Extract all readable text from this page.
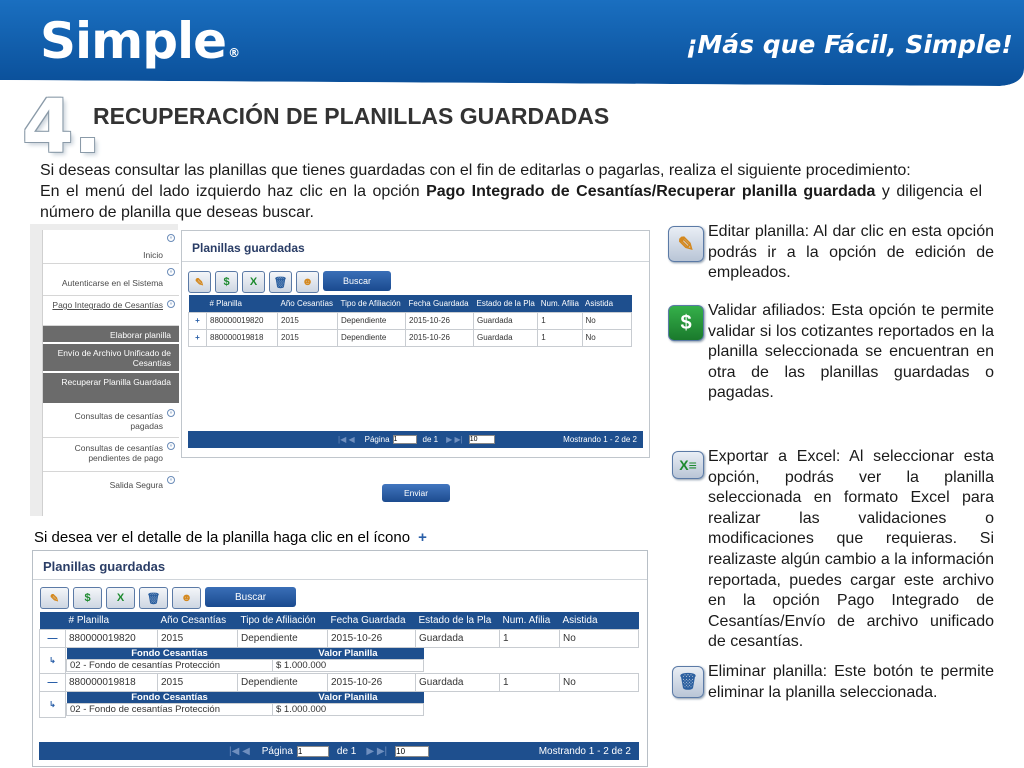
Simple ®	¡Más que Fácil, Simple!
4.
RECUPERACIÓN DE PLANILLAS GUARDADAS

Si deseas consultar las planillas que tienes guardadas con el fin de editarlas o pagarlas, realiza el siguiente procedimiento:

En el menú del lado izquierdo haz clic en la opción Pago Integrado de Cesantías/Recuperar planilla guardada y diligencia el número de planilla que deseas buscar.

Inicio
»
Autenticarse en el Sistema
»
Pago Integrado de Cesantías	»
Elaborar planilla
Envío de Archivo Unificado de Cesantías
Recuperar Planilla Guardada
Consultas de cesantías pagadas
»
Consultas de cesantías pendientes de pago
»
Salida Segura	»
Planillas guardadas
✎	$	X	🗑	☻	Buscar
	# Planilla	Año Cesantías	Tipo de Afiliación	Fecha Guardada	Estado de la Pla	Num. Afilia	Asistida
+	880000019820	2015	Dependiente	2015-10-26	Guardada	1	No
+	880000019818	2015	Dependiente	2015-10-26	Guardada	1	No
|◀ ◀ Página 1	de 1 ▶ ▶| 10	Mostrando 1 - 2 de 2
Enviar
Si desea ver el detalle de la planilla haga clic en el ícono +
Planillas guardadas
✎	$	X	🗑	☻	Buscar
	# Planilla	Año Cesantías	Tipo de Afiliación	Fecha Guardada	Estado de la Pla	Num. Afilia	Asistida
—	880000019820	2015	Dependiente	2015-10-26	Guardada	1	No
↳	
Fondo Cesantías	Valor Planilla
02 - Fondo de cesantías Protección	$ 1.000.000

—	880000019818	2015	Dependiente	2015-10-26	Guardada	1	No
↳	
Fondo Cesantías	Valor Planilla
02 - Fondo de cesantías Protección	$ 1.000.000
|◀ ◀ Página 1	de 1 ▶ ▶| 10	Mostrando 1 - 2 de 2
✎
Editar planilla: Al dar clic en esta opción podrás ir a la opción de edición de empleados.
$
Validar afiliados: Esta opción te permite validar si los cotizantes reportados en la planilla seleccionada se encuentran en otra de las planillas guardadas o pagadas.
X≡ Exportar a Excel: Al seleccionar esta opción, podrás ver la planilla seleccionada en formato Excel para realizar las validaciones o modificaciones que requieras. Si realizaste algún cambio a la información reportada, puedes cargar este archivo en la opción Pago Integrado de Cesantías/Envío de archivo unificado de cesantías.
🗑
Eliminar planilla: Este botón te permite eliminar la planilla seleccionada.
